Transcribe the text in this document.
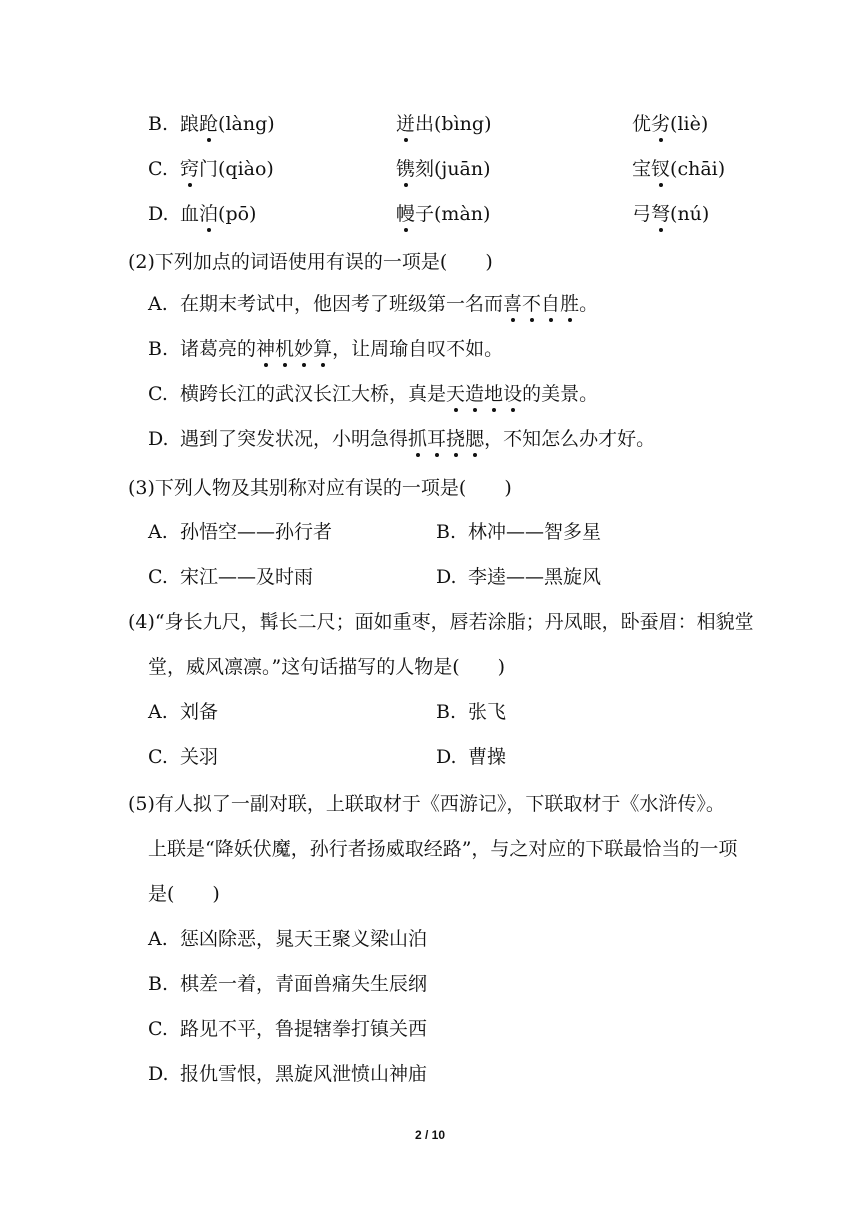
B. 踉跄(làng)	迸出(bìng)	优劣(liè)
C. 窍门(qiào)	镌刻(juān)	宝钗(chāi)
D. 血泊(pō)	幔子(màn)	弓弩(nú)
(2)下列加点的词语使用有误的一项是(　　)
A. 在期末考试中，他因考了班级第一名而喜不自胜。
B. 诸葛亮的神机妙算，让周瑜自叹不如。
C. 横跨长江的武汉长江大桥，真是天造地设的美景。
D. 遇到了突发状况，小明急得抓耳挠腮，不知怎么办才好。
(3)下列人物及其别称对应有误的一项是(　　)
A. 孙悟空——孙行者	B. 林冲——智多星
C. 宋江——及时雨	D. 李逵——黑旋风
(4)“身长九尺，髯长二尺；面如重枣，唇若涂脂；丹凤眼，卧蚕眉：相貌堂
堂，威风凛凛。”这句话描写的人物是(　　)
A. 刘备	B. 张飞
C. 关羽	D. 曹操
(5)有人拟了一副对联，上联取材于《西游记》，下联取材于《水浒传》。
上联是“降妖伏魔，孙行者扬威取经路”，与之对应的下联最恰当的一项
是(　　)
A. 惩凶除恶，晁天王聚义梁山泊
B. 棋差一着，青面兽痛失生辰纲
C. 路见不平，鲁提辖拳打镇关西
D. 报仇雪恨，黑旋风泄愤山神庙
2 / 10
